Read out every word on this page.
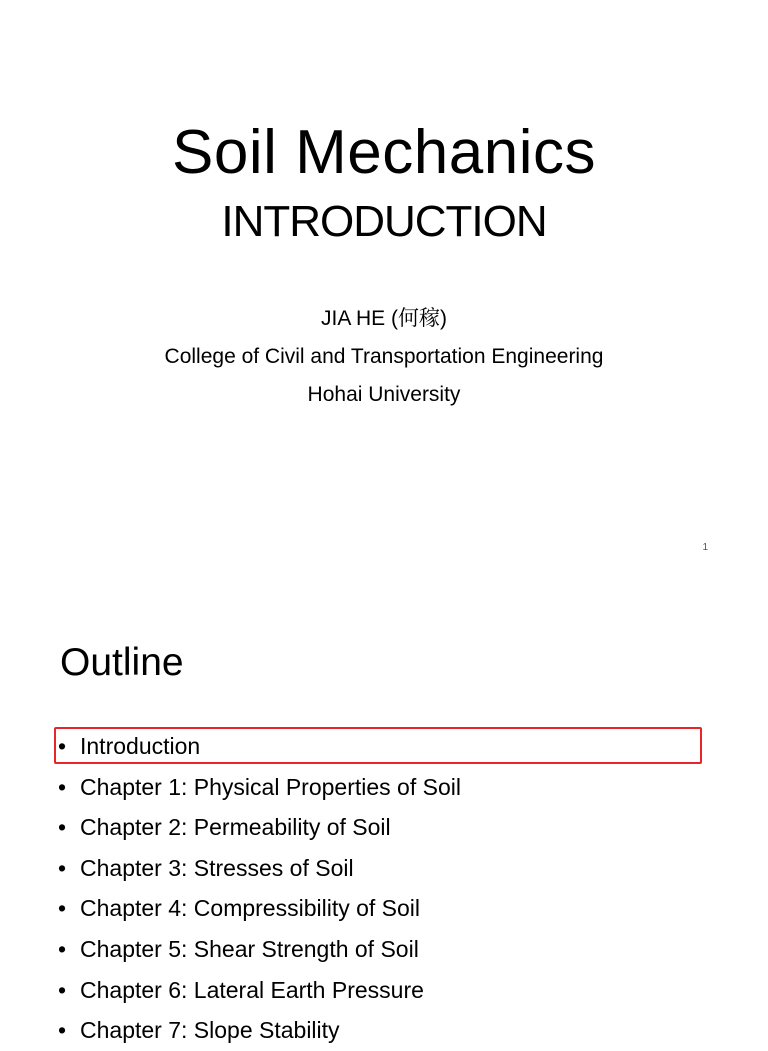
Soil Mechanics
INTRODUCTION
JIA HE (何稼)
College of Civil and Transportation Engineering
Hohai University
1
Outline
• Introduction
• Chapter 1: Physical Properties of Soil
• Chapter 2: Permeability of Soil
• Chapter 3: Stresses of Soil
• Chapter 4: Compressibility of Soil
• Chapter 5: Shear Strength of Soil
• Chapter 6: Lateral Earth Pressure
• Chapter 7: Slope Stability
